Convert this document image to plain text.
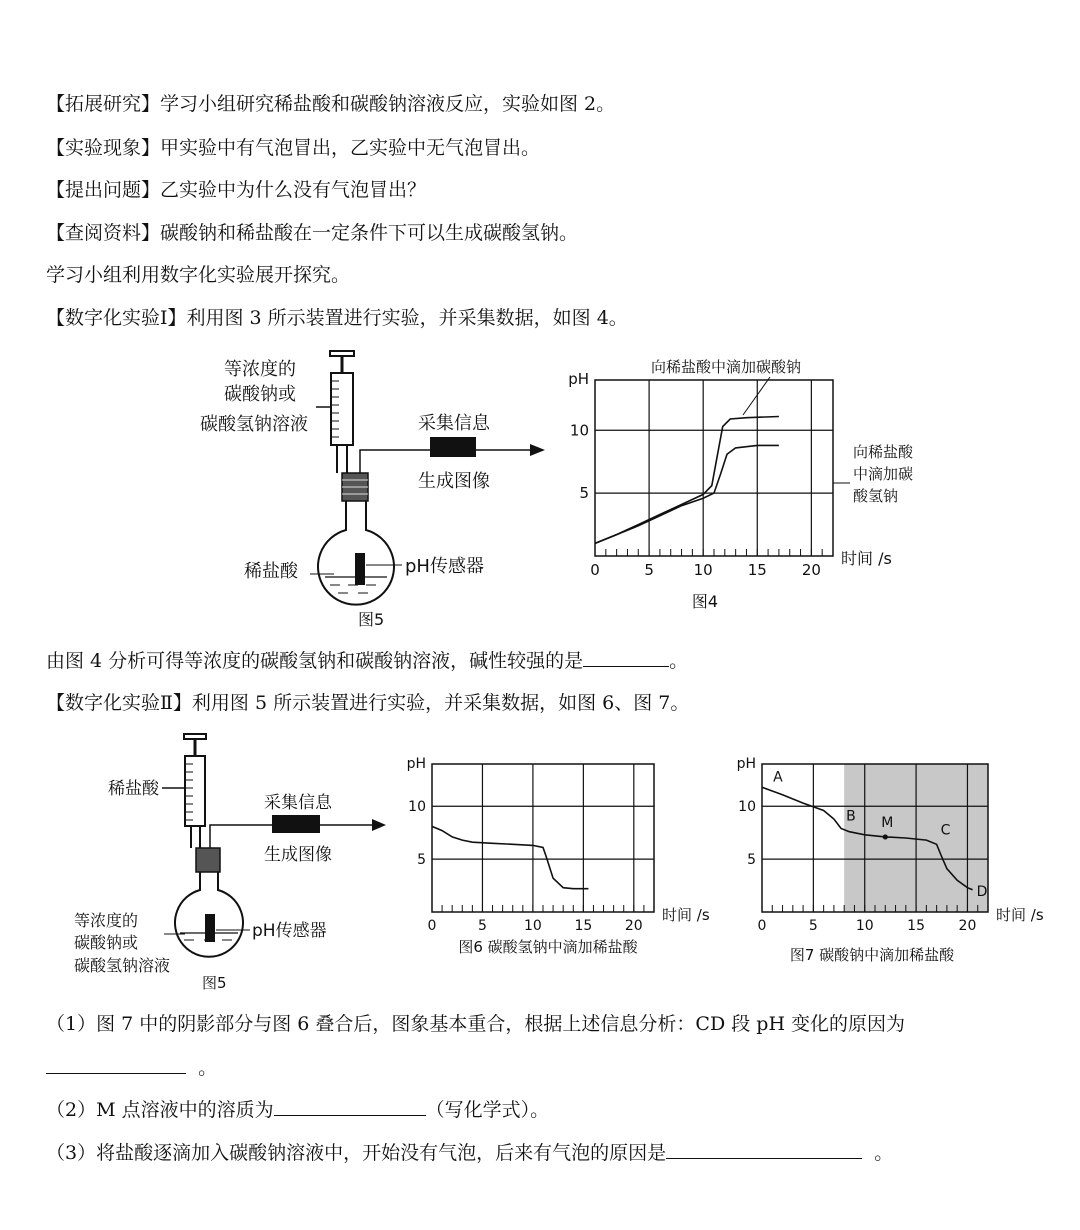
【拓展研究】学习小组研究稀盐酸和碳酸钠溶液反应，实验如图 2。
【实验现象】甲实验中有气泡冒出，乙实验中无气泡冒出。
【提出问题】乙实验中为什么没有气泡冒出？
【查阅资料】碳酸钠和稀盐酸在一定条件下可以生成碳酸氢钠。
学习小组利用数字化实验展开探究。
【数字化实验Ⅰ】利用图 3 所示装置进行实验，并采集数据，如图 4。
等浓度的
碳酸钠或
碳酸氢钠溶液
稀盐酸	pH传感器
采集信息
生成图像
图5
0	5	10 15 20
5
10
pH
时间 /s
图4
向稀盐酸中滴加碳酸钠
向稀盐酸
中滴加碳
酸氢钠
由图 4 分析可得等浓度的碳酸氢钠和碳酸钠溶液，碱性较强的是	。
【数字化实验Ⅱ】利用图 5 所示装置进行实验，并采集数据，如图 6、图 7。
稀盐酸
采集信息
生成图像
pH传感器
等浓度的
碳酸钠或
碳酸氢钠溶液
图5
0	5	10 15 20
5
10
pH
时间 /s
图6 碳酸氢钠中滴加稀盐酸
0	5	10 15 20
5
10
pH
时间 /s
A
B M	C
D
图7 碳酸钠中滴加稀盐酸
（1）图 7 中的阴影部分与图 6 叠合后，图象基本重合，根据上述信息分析：CD 段 pH 变化的原因为
。
（2）M 点溶液中的溶质为	（写化学式）。
（3）将盐酸逐滴加入碳酸钠溶液中，开始没有气泡，后来有气泡的原因是	。
